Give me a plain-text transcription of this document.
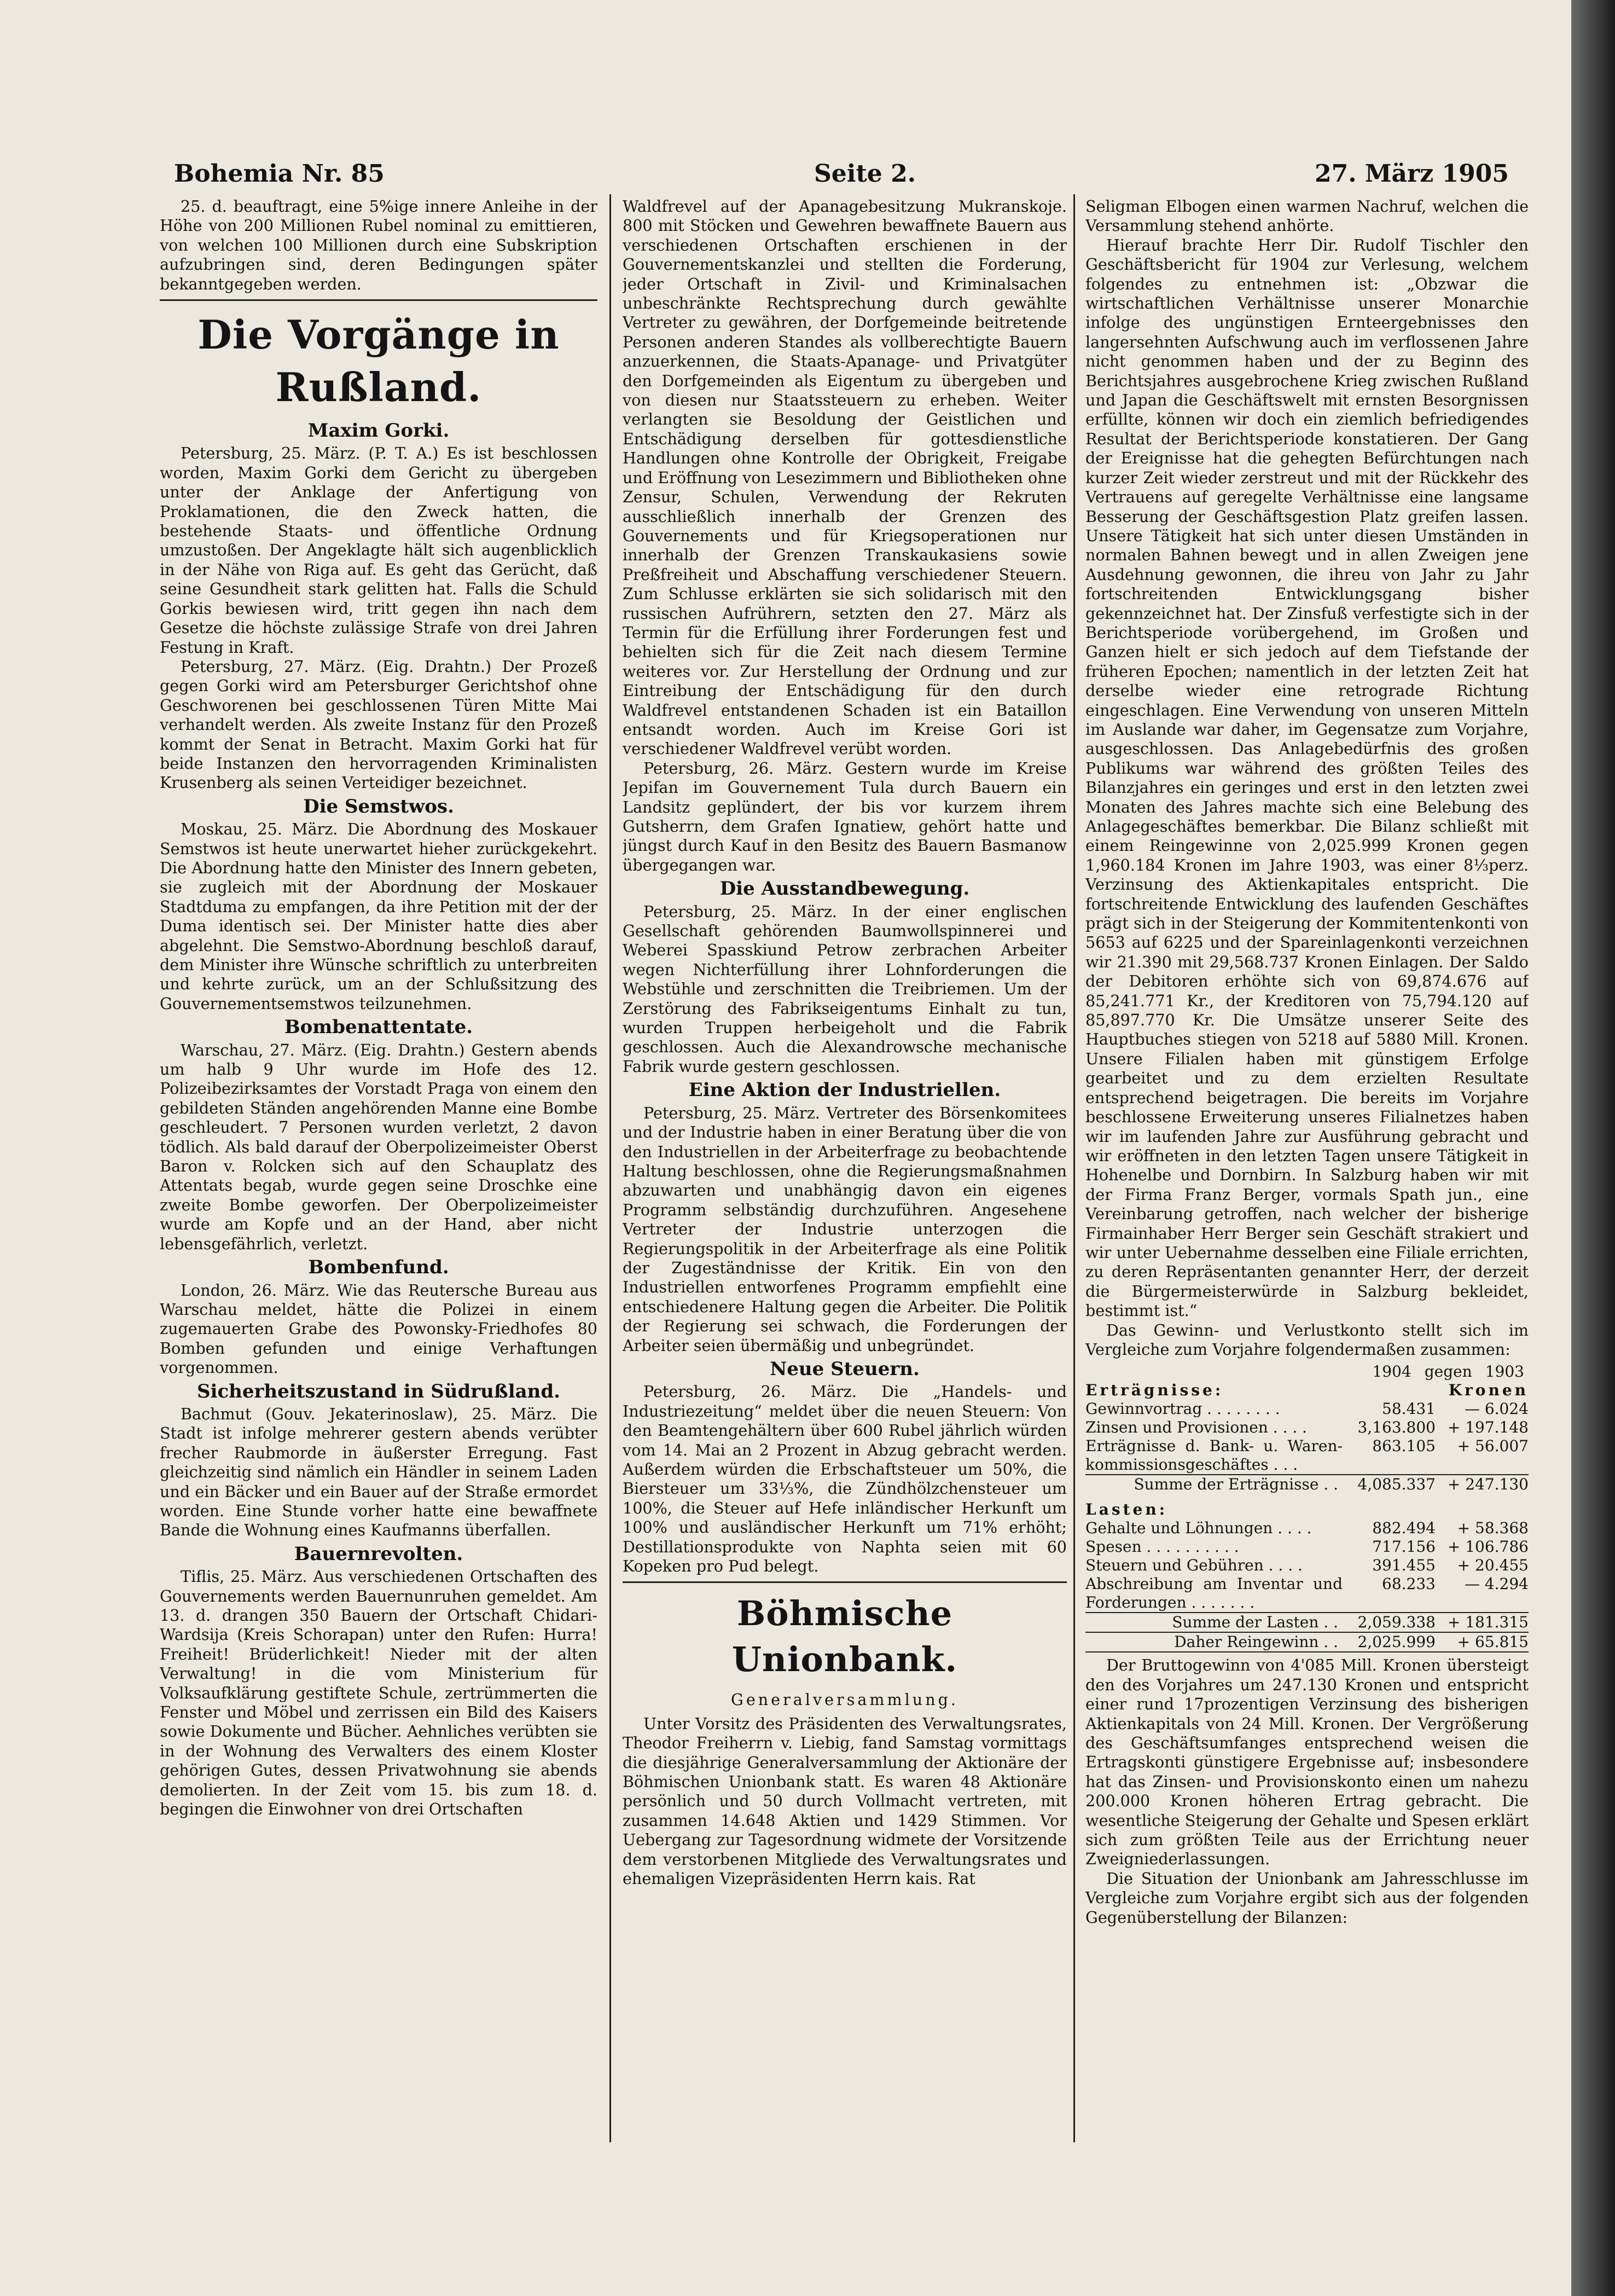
Bohemia Nr. 85	Seite 2.	27. März 1905

25. d. beauftragt, eine 5%ige innere Anleihe in der Höhe von 200 Millionen Rubel nominal zu emittieren, von welchen 100 Millionen durch eine Subskription aufzubringen sind, deren Bedingungen später bekanntgegeben werden.

Die Vorgänge in Rußland.
Maxim Gorki.

Petersburg, 25. März. (P. T. A.) Es ist beschlossen worden, Maxim Gorki dem Gericht zu übergeben unter der Anklage der Anfertigung von Proklamationen, die den Zweck hatten, die bestehende Staats- und öffentliche Ordnung umzustoßen. Der Angeklagte hält sich augenblicklich in der Nähe von Riga auf. Es geht das Gerücht, daß seine Gesundheit stark gelitten hat. Falls die Schuld Gorkis bewiesen wird, tritt gegen ihn nach dem Gesetze die höchste zulässige Strafe von drei Jahren Festung in Kraft.

Petersburg, 27. März. (Eig. Drahtn.) Der Prozeß gegen Gorki wird am Petersburger Gerichtshof ohne Geschworenen bei geschlossenen Türen Mitte Mai verhandelt werden. Als zweite Instanz für den Prozeß kommt der Senat in Betracht. Maxim Gorki hat für beide Instanzen den hervorragenden Kriminalisten Krusenberg als seinen Verteidiger bezeichnet.

Die Semstwos.

Moskau, 25. März. Die Abordnung des Moskauer Semstwos ist heute unerwartet hieher zurückgekehrt. Die Abordnung hatte den Minister des Innern gebeten, sie zugleich mit der Abordnung der Moskauer Stadtduma zu empfangen, da ihre Petition mit der der Duma identisch sei. Der Minister hatte dies aber abgelehnt. Die Semstwo-Abordnung beschloß darauf, dem Minister ihre Wünsche schriftlich zu unterbreiten und kehrte zurück, um an der Schlußsitzung des Gouvernementsemstwos teilzunehmen.

Bombenattentate.

Warschau, 27. März. (Eig. Drahtn.) Gestern abends um halb 9 Uhr wurde im Hofe des 12. Polizeibezirksamtes der Vorstadt Praga von einem den gebildeten Ständen angehörenden Manne eine Bombe geschleudert. 7 Personen wurden verletzt, 2 davon tödlich. Als bald darauf der Oberpolizeimeister Oberst Baron v. Rolcken sich auf den Schauplatz des Attentats begab, wurde gegen seine Droschke eine zweite Bombe geworfen. Der Oberpolizeimeister wurde am Kopfe und an der Hand, aber nicht lebensgefährlich, verletzt.

Bombenfund.

London, 26. März. Wie das Reutersche Bureau aus Warschau meldet, hätte die Polizei in einem zugemauerten Grabe des Powonsky-Friedhofes 80 Bomben gefunden und einige Verhaftungen vorgenommen.

Sicherheitszustand in Südrußland.

Bachmut (Gouv. Jekaterinoslaw), 25. März. Die Stadt ist infolge mehrerer gestern abends verübter frecher Raubmorde in äußerster Erregung. Fast gleichzeitig sind nämlich ein Händler in seinem Laden und ein Bäcker und ein Bauer auf der Straße ermordet worden. Eine Stunde vorher hatte eine bewaffnete Bande die Wohnung eines Kaufmanns überfallen.

Bauernrevolten.

Tiflis, 25. März. Aus verschiedenen Ortschaften des Gouvernements werden Bauernunruhen gemeldet. Am 13. d. drangen 350 Bauern der Ortschaft Chidari-Wardsija (Kreis Schorapan) unter den Rufen: Hurra! Freiheit! Brüderlichkeit! Nieder mit der alten Verwaltung! in die vom Ministerium für Volksaufklärung gestiftete Schule, zertrümmerten die Fenster und Möbel und zerrissen ein Bild des Kaisers sowie Dokumente und Bücher. Aehnliches verübten sie in der Wohnung des Verwalters des einem Kloster gehörigen Gutes, dessen Privatwohnung sie abends demolierten. In der Zeit vom 15. bis zum 18. d. begingen die Einwohner von drei Ortschaften

Waldfrevel auf der Apanagebesitzung Mukranskoje. 800 mit Stöcken und Gewehren bewaffnete Bauern aus verschiedenen Ortschaften erschienen in der Gouvernementskanzlei und stellten die Forderung, jeder Ortschaft in Zivil- und Kriminalsachen unbeschränkte Rechtsprechung durch gewählte Vertreter zu gewähren, der Dorfgemeinde beitretende Personen anderen Standes als vollberechtigte Bauern anzuerkennen, die Staats-Apanage- und Privatgüter den Dorfgemeinden als Eigentum zu übergeben und von diesen nur Staatssteuern zu erheben. Weiter verlangten sie Besoldung der Geistlichen und Entschädigung derselben für gottesdienstliche Handlungen ohne Kontrolle der Obrigkeit, Freigabe und Eröffnung von Lesezimmern und Bibliotheken ohne Zensur, Schulen, Verwendung der Rekruten ausschließlich innerhalb der Grenzen des Gouvernements und für Kriegsoperationen nur innerhalb der Grenzen Transkaukasiens sowie Preßfreiheit und Abschaffung verschiedener Steuern. Zum Schlusse erklärten sie sich solidarisch mit den russischen Aufrührern, setzten den 27. März als Termin für die Erfüllung ihrer Forderungen fest und behielten sich für die Zeit nach diesem Termine weiteres vor. Zur Herstellung der Ordnung und zur Eintreibung der Entschädigung für den durch Waldfrevel entstandenen Schaden ist ein Bataillon entsandt worden. Auch im Kreise Gori ist verschiedener Waldfrevel verübt worden.

Petersburg, 26. März. Gestern wurde im Kreise Jepifan im Gouvernement Tula durch Bauern ein Landsitz geplündert, der bis vor kurzem ihrem Gutsherrn, dem Grafen Ignatiew, gehört hatte und jüngst durch Kauf in den Besitz des Bauern Basmanow übergegangen war.

Die Ausstandbewegung.

Petersburg, 25. März. In der einer englischen Gesellschaft gehörenden Baumwollspinnerei und Weberei Spasskiund Petrow zerbrachen Arbeiter wegen Nichterfüllung ihrer Lohnforderungen die Webstühle und zerschnitten die Treibriemen. Um der Zerstörung des Fabrikseigentums Einhalt zu tun, wurden Truppen herbeigeholt und die Fabrik geschlossen. Auch die Alexandrowsche mechanische Fabrik wurde gestern geschlossen.

Eine Aktion der Industriellen.

Petersburg, 25. März. Vertreter des Börsenkomitees und der Industrie haben in einer Beratung über die von den Industriellen in der Arbeiterfrage zu beobachtende Haltung beschlossen, ohne die Regierungsmaßnahmen abzuwarten und unabhängig davon ein eigenes Programm selbständig durchzuführen. Angesehene Vertreter der Industrie unterzogen die Regierungspolitik in der Arbeiterfrage als eine Politik der Zugeständnisse der Kritik. Ein von den Industriellen entworfenes Programm empfiehlt eine entschiedenere Haltung gegen die Arbeiter. Die Politik der Regierung sei schwach, die Forderungen der Arbeiter seien übermäßig und unbegründet.

Neue Steuern.

Petersburg, 26. März. Die „Handels- und Industriezeitung“ meldet über die neuen Steuern: Von den Beamtengehältern über 600 Rubel jährlich würden vom 14. Mai an 2 Prozent in Abzug gebracht werden. Außerdem würden die Erbschaftsteuer um 50%, die Biersteuer um 33⅓%, die Zündhölzchensteuer um 100%, die Steuer auf Hefe inländischer Herkunft um 100% und ausländischer Herkunft um 71% erhöht; Destillationsprodukte von Naphta seien mit 60 Kopeken pro Pud belegt.

Böhmische Unionbank.
Generalversammlung.

Unter Vorsitz des Präsidenten des Verwaltungsrates, Theodor Freiherrn v. Liebig, fand Samstag vormittags die diesjährige Generalversammlung der Aktionäre der Böhmischen Unionbank statt. Es waren 48 Aktionäre persönlich und 50 durch Vollmacht vertreten, mit zusammen 14.648 Aktien und 1429 Stimmen. Vor Uebergang zur Tagesordnung widmete der Vorsitzende dem verstorbenen Mitgliede des Verwaltungsrates und ehemaligen Vizepräsidenten Herrn kais. Rat

Seligman Elbogen einen warmen Nachruf, welchen die Versammlung stehend anhörte.

Hierauf brachte Herr Dir. Rudolf Tischler den Geschäftsbericht für 1904 zur Verlesung, welchem folgendes zu entnehmen ist: „Obzwar die wirtschaftlichen Verhältnisse unserer Monarchie infolge des ungünstigen Ernteergebnisses den langersehnten Aufschwung auch im verflossenen Jahre nicht genommen haben und der zu Beginn des Berichtsjahres ausgebrochene Krieg zwischen Rußland und Japan die Geschäftswelt mit ernsten Besorgnissen erfüllte, können wir doch ein ziemlich befriedigendes Resultat der Berichtsperiode konstatieren. Der Gang der Ereignisse hat die gehegten Befürchtungen nach kurzer Zeit wieder zerstreut und mit der Rückkehr des Vertrauens auf geregelte Verhältnisse eine langsame Besserung der Geschäftsgestion Platz greifen lassen. Unsere Tätigkeit hat sich unter diesen Umständen in normalen Bahnen bewegt und in allen Zweigen jene Ausdehnung gewonnen, die ihreu von Jahr zu Jahr fortschreitenden Entwicklungsgang bisher gekennzeichnet hat. Der Zinsfuß verfestigte sich in der Berichtsperiode vorübergehend, im Großen und Ganzen hielt er sich jedoch auf dem Tiefstande der früheren Epochen; namentlich in der letzten Zeit hat derselbe wieder eine retrograde Richtung eingeschlagen. Eine Verwendung von unseren Mitteln im Auslande war daher, im Gegensatze zum Vorjahre, ausgeschlossen. Das Anlagebedürfnis des großen Publikums war während des größten Teiles des Bilanzjahres ein geringes und erst in den letzten zwei Monaten des Jahres machte sich eine Belebung des Anlagegeschäftes bemerkbar. Die Bilanz schließt mit einem Reingewinne von 2,025.999 Kronen gegen 1,960.184 Kronen im Jahre 1903, was einer 8⅓perz. Verzinsung des Aktienkapitales entspricht. Die fortschreitende Entwicklung des laufenden Geschäftes prägt sich in der Steigerung der Kommitentenkonti von 5653 auf 6225 und der Spareinlagenkonti verzeichnen wir 21.390 mit 29,568.737 Kronen Einlagen. Der Saldo der Debitoren erhöhte sich von 69,874.676 auf 85,241.771 Kr., der Kreditoren von 75,794.120 auf 85,897.770 Kr. Die Umsätze unserer Seite des Hauptbuches stiegen von 5218 auf 5880 Mill. Kronen. Unsere Filialen haben mit günstigem Erfolge gearbeitet und zu dem erzielten Resultate entsprechend beigetragen. Die bereits im Vorjahre beschlossene Erweiterung unseres Filialnetzes haben wir im laufenden Jahre zur Ausführung gebracht und wir eröffneten in den letzten Tagen unsere Tätigkeit in Hohenelbe und Dornbirn. In Salzburg haben wir mit der Firma Franz Berger, vormals Spath jun., eine Vereinbarung getroffen, nach welcher der bisherige Firmainhaber Herr Berger sein Geschäft strakiert und wir unter Uebernahme desselben eine Filiale errichten, zu deren Repräsentanten genannter Herr, der derzeit die Bürgermeisterwürde in Salzburg bekleidet, bestimmt ist.“

Das Gewinn- und Verlustkonto stellt sich im Vergleiche zum Vorjahre folgendermaßen zusammen:

1904 gegen 1903
Erträgnisse:	Kronen
Gewinnvortrag . . . . . . . .	58.431	— 6.024
Zinsen und Provisionen . . . .	3,163.800 + 197.148
Erträgnisse d. Bank- u. Waren-kommissionsgeschäftes . . .
863.105	+ 56.007
Summe der Erträgnisse . .	4,085.337 + 247.130
Lasten:
Gehalte und Löhnungen . . . .	882.494	+ 58.368
Spesen . . . . . . . . . .	717.156 + 106.786
Steuern und Gebühren . . . .	391.455	+ 20.455
Abschreibung am Inventar und Forderungen . . . . . . .
68.233	— 4.294
Summe der Lasten . .	2,059.338 + 181.315
Daher Reingewinn . .	2,025.999	+ 65.815

Der Bruttogewinn von 4'085 Mill. Kronen übersteigt den des Vorjahres um 247.130 Kronen und entspricht einer rund 17prozentigen Verzinsung des bisherigen Aktienkapitals von 24 Mill. Kronen. Der Vergrößerung des Geschäftsumfanges entsprechend weisen die Ertragskonti günstigere Ergebnisse auf; insbesondere hat das Zinsen- und Provisionskonto einen um nahezu 200.000 Kronen höheren Ertrag gebracht. Die wesentliche Steigerung der Gehalte und Spesen erklärt sich zum größten Teile aus der Errichtung neuer Zweigniederlassungen.

Die Situation der Unionbank am Jahresschlusse im Vergleiche zum Vorjahre ergibt sich aus der folgenden Gegenüberstellung der Bilanzen:
